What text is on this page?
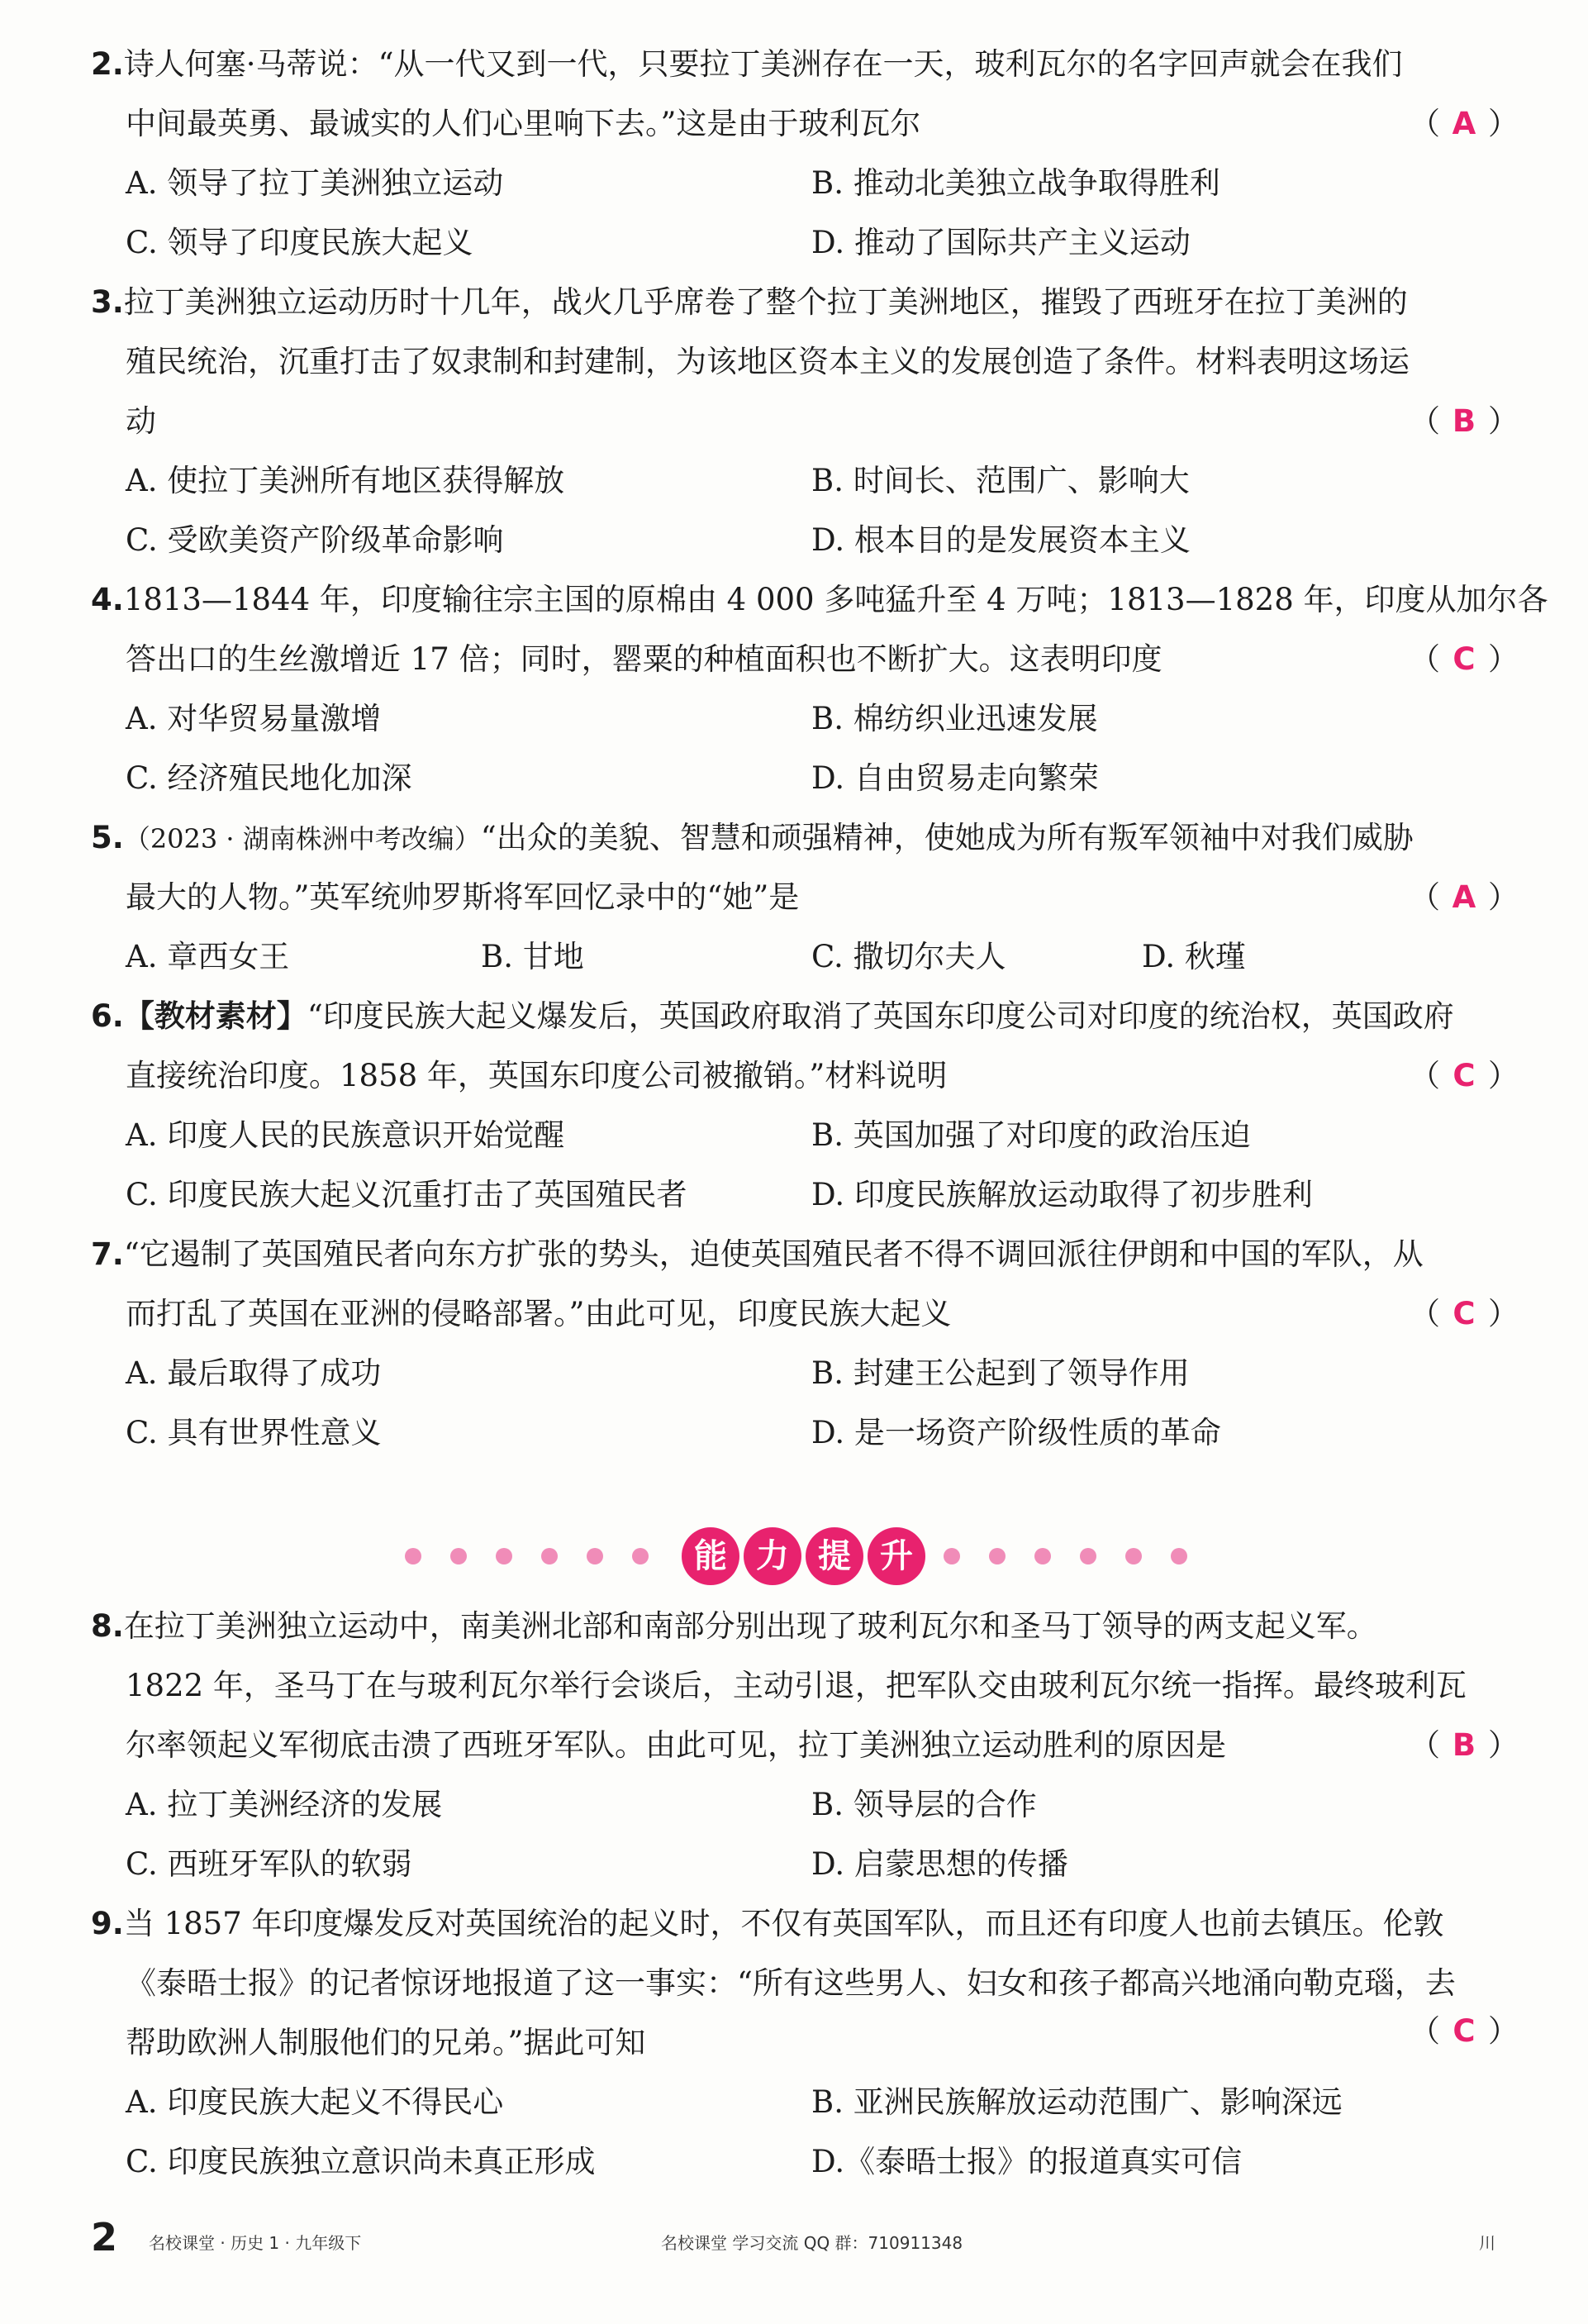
2.诗人何塞·马蒂说：“从一代又到一代，只要拉丁美洲存在一天，玻利瓦尔的名字回声就会在我们
中间最英勇、最诚实的人们心里响下去。”这是由于玻利瓦尔	（ A ）
A. 领导了拉丁美洲独立运动	B. 推动北美独立战争取得胜利
C. 领导了印度民族大起义	D. 推动了国际共产主义运动
3.拉丁美洲独立运动历时十几年，战火几乎席卷了整个拉丁美洲地区，摧毁了西班牙在拉丁美洲的
殖民统治，沉重打击了奴隶制和封建制，为该地区资本主义的发展创造了条件。材料表明这场运
动	（ B ）
A. 使拉丁美洲所有地区获得解放	B. 时间长、范围广、影响大
C. 受欧美资产阶级革命影响	D. 根本目的是发展资本主义
4.1813—1844 年，印度输往宗主国的原棉由 4 000 多吨猛升至 4 万吨；1813—1828 年，印度从加尔各
答出口的生丝激增近 17 倍；同时，罂粟的种植面积也不断扩大。这表明印度	（ C ）
A. 对华贸易量激增	B. 棉纺织业迅速发展
C. 经济殖民地化加深	D. 自由贸易走向繁荣
5.（2023 · 湖南株洲中考改编）“出众的美貌、智慧和顽强精神，使她成为所有叛军领袖中对我们威胁
最大的人物。”英军统帅罗斯将军回忆录中的“她”是	（ A ）
A. 章西女王	B. 甘地	C. 撒切尔夫人	D. 秋瑾
6.【教材素材】“印度民族大起义爆发后，英国政府取消了英国东印度公司对印度的统治权，英国政府
直接统治印度。1858 年，英国东印度公司被撤销。”材料说明	（ C ）
A. 印度人民的民族意识开始觉醒	B. 英国加强了对印度的政治压迫
C. 印度民族大起义沉重打击了英国殖民者	D. 印度民族解放运动取得了初步胜利
7.“它遏制了英国殖民者向东方扩张的势头，迫使英国殖民者不得不调回派往伊朗和中国的军队，从
而打乱了英国在亚洲的侵略部署。”由此可见，印度民族大起义	（ C ）
A. 最后取得了成功	B. 封建王公起到了领导作用
C. 具有世界性意义	D. 是一场资产阶级性质的革命
能 力 提 升
8.在拉丁美洲独立运动中，南美洲北部和南部分别出现了玻利瓦尔和圣马丁领导的两支起义军。
1822 年，圣马丁在与玻利瓦尔举行会谈后，主动引退，把军队交由玻利瓦尔统一指挥。最终玻利瓦
尔率领起义军彻底击溃了西班牙军队。由此可见，拉丁美洲独立运动胜利的原因是	（ B ）
A. 拉丁美洲经济的发展	B. 领导层的合作
C. 西班牙军队的软弱	D. 启蒙思想的传播
9.当 1857 年印度爆发反对英国统治的起义时，不仅有英国军队，而且还有印度人也前去镇压。伦敦
《泰晤士报》的记者惊讶地报道了这一事实：“所有这些男人、妇女和孩子都高兴地涌向勒克瑙，去
帮助欧洲人制服他们的兄弟。”据此可知	（ C ）
A. 印度民族大起义不得民心	B. 亚洲民族解放运动范围广、影响深远
C. 印度民族独立意识尚未真正形成	D.《泰晤士报》的报道真实可信
2 名校课堂 · 历史 1 · 九年级下	名校课堂 学习交流 QQ 群：710911348	川
